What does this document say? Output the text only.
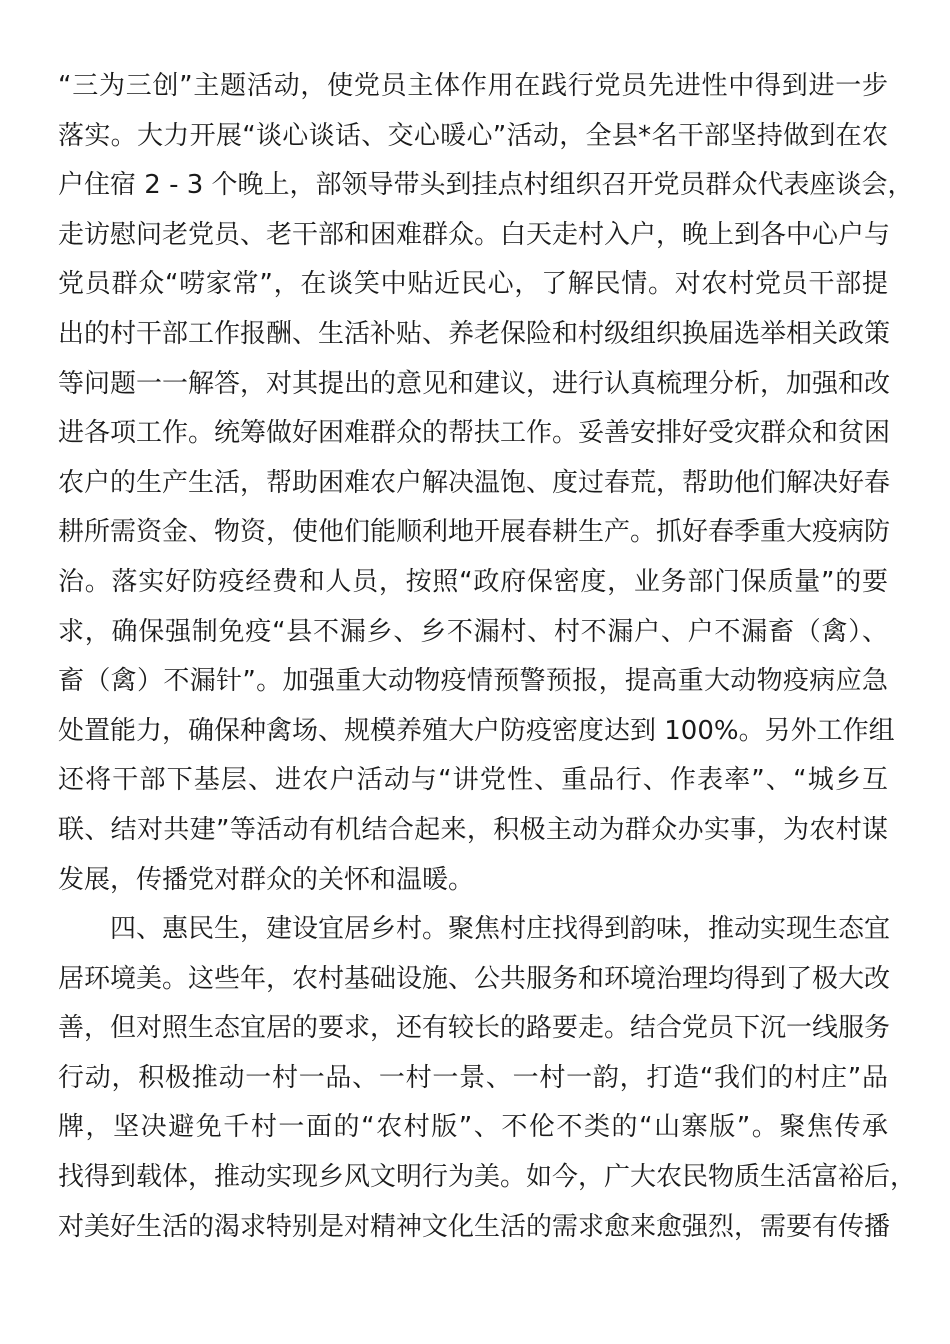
“三为三创”主题活动，使党员主体作用在践行党员先进性中得到进一步
落实。大力开展“谈心谈话、交心暖心”活动，全县*名干部坚持做到在农
户住宿 2 - 3 个晚上，部领导带头到挂点村组织召开党员群众代表座谈会，
走访慰问老党员、老干部和困难群众。白天走村入户，晚上到各中心户与
党员群众“唠家常”，在谈笑中贴近民心，了解民情。对农村党员干部提
出的村干部工作报酬、生活补贴、养老保险和村级组织换届选举相关政策
等问题一一解答，对其提出的意见和建议，进行认真梳理分析，加强和改
进各项工作。统筹做好困难群众的帮扶工作。妥善安排好受灾群众和贫困
农户的生产生活，帮助困难农户解决温饱、度过春荒，帮助他们解决好春
耕所需资金、物资，使他们能顺利地开展春耕生产。抓好春季重大疫病防
治。落实好防疫经费和人员，按照“政府保密度，业务部门保质量”的要
求，确保强制免疫“县不漏乡、乡不漏村、村不漏户、户不漏畜（禽）、
畜（禽）不漏针”。加强重大动物疫情预警预报，提高重大动物疫病应急
处置能力，确保种禽场、规模养殖大户防疫密度达到 100%。另外工作组
还将干部下基层、进农户活动与“讲党性、重品行、作表率”、“城乡互
联、结对共建”等活动有机结合起来，积极主动为群众办实事，为农村谋
发展，传播党对群众的关怀和温暖。
　　四、惠民生，建设宜居乡村。聚焦村庄找得到韵味，推动实现生态宜
居环境美。这些年，农村基础设施、公共服务和环境治理均得到了极大改
善，但对照生态宜居的要求，还有较长的路要走。结合党员下沉一线服务
行动，积极推动一村一品、一村一景、一村一韵，打造“我们的村庄”品
牌，坚决避免千村一面的“农村版”、不伦不类的“山寨版”。聚焦传承
找得到载体，推动实现乡风文明行为美。如今，广大农民物质生活富裕后，
对美好生活的渴求特别是对精神文化生活的需求愈来愈强烈，需要有传播
